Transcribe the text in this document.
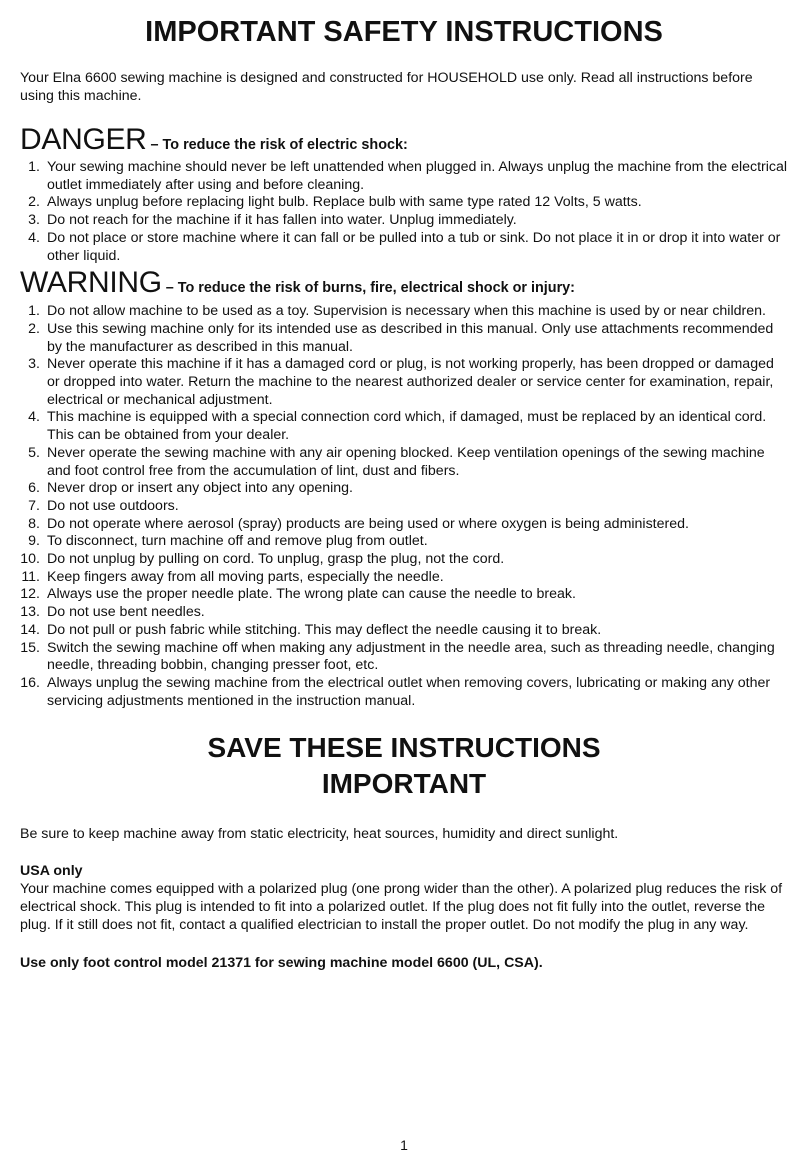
IMPORTANT SAFETY INSTRUCTIONS

Your Elna 6600 sewing machine is designed and constructed for HOUSEHOLD use only. Read all instructions before using this machine.

DANGER – To reduce the risk of electric shock:
1. Your sewing machine should never be left unattended when plugged in. Always unplug the machine from the electrical outlet immediately after using and before cleaning.
2. Always unplug before replacing light bulb. Replace bulb with same type rated 12 Volts, 5 watts.
3. Do not reach for the machine if it has fallen into water. Unplug immediately.
4. Do not place or store machine where it can fall or be pulled into a tub or sink. Do not place it in or drop it into water or other liquid.
WARNING – To reduce the risk of burns, fire, electrical shock or injury:
1. Do not allow machine to be used as a toy. Supervision is necessary when this machine is used by or near children.
2. Use this sewing machine only for its intended use as described in this manual. Only use attachments recommended by the manufacturer as described in this manual.
3. Never operate this machine if it has a damaged cord or plug, is not working properly, has been dropped or damaged or dropped into water. Return the machine to the nearest authorized dealer or service center for examination, repair, electrical or mechanical adjustment.
4. This machine is equipped with a special connection cord which, if damaged, must be replaced by an identical cord. This can be obtained from your dealer.
5. Never operate the sewing machine with any air opening blocked. Keep ventilation openings of the sewing machine and foot control free from the accumulation of lint, dust and fibers.
6. Never drop or insert any object into any opening.
7. Do not use outdoors.
8. Do not operate where aerosol (spray) products are being used or where oxygen is being administered.
9. To disconnect, turn machine off and remove plug from outlet.
10. Do not unplug by pulling on cord. To unplug, grasp the plug, not the cord.
11. Keep fingers away from all moving parts, especially the needle.
12. Always use the proper needle plate. The wrong plate can cause the needle to break.
13. Do not use bent needles.
14. Do not pull or push fabric while stitching. This may deflect the needle causing it to break.
15. Switch the sewing machine off when making any adjustment in the needle area, such as threading needle, changing needle, threading bobbin, changing presser foot, etc.
16. Always unplug the sewing machine from the electrical outlet when removing covers, lubricating or making any other servicing adjustments mentioned in the instruction manual.
SAVE THESE INSTRUCTIONS
IMPORTANT

Be sure to keep machine away from static electricity, heat sources, humidity and direct sunlight.

USA only

Your machine comes equipped with a polarized plug (one prong wider than the other). A polarized plug reduces the risk of electrical shock. This plug is intended to fit into a polarized outlet. If the plug does not fit fully into the outlet, reverse the plug. If it still does not fit, contact a qualified electrician to install the proper outlet. Do not modify the plug in any way.

Use only foot control model 21371 for sewing machine model 6600 (UL, CSA).

1
